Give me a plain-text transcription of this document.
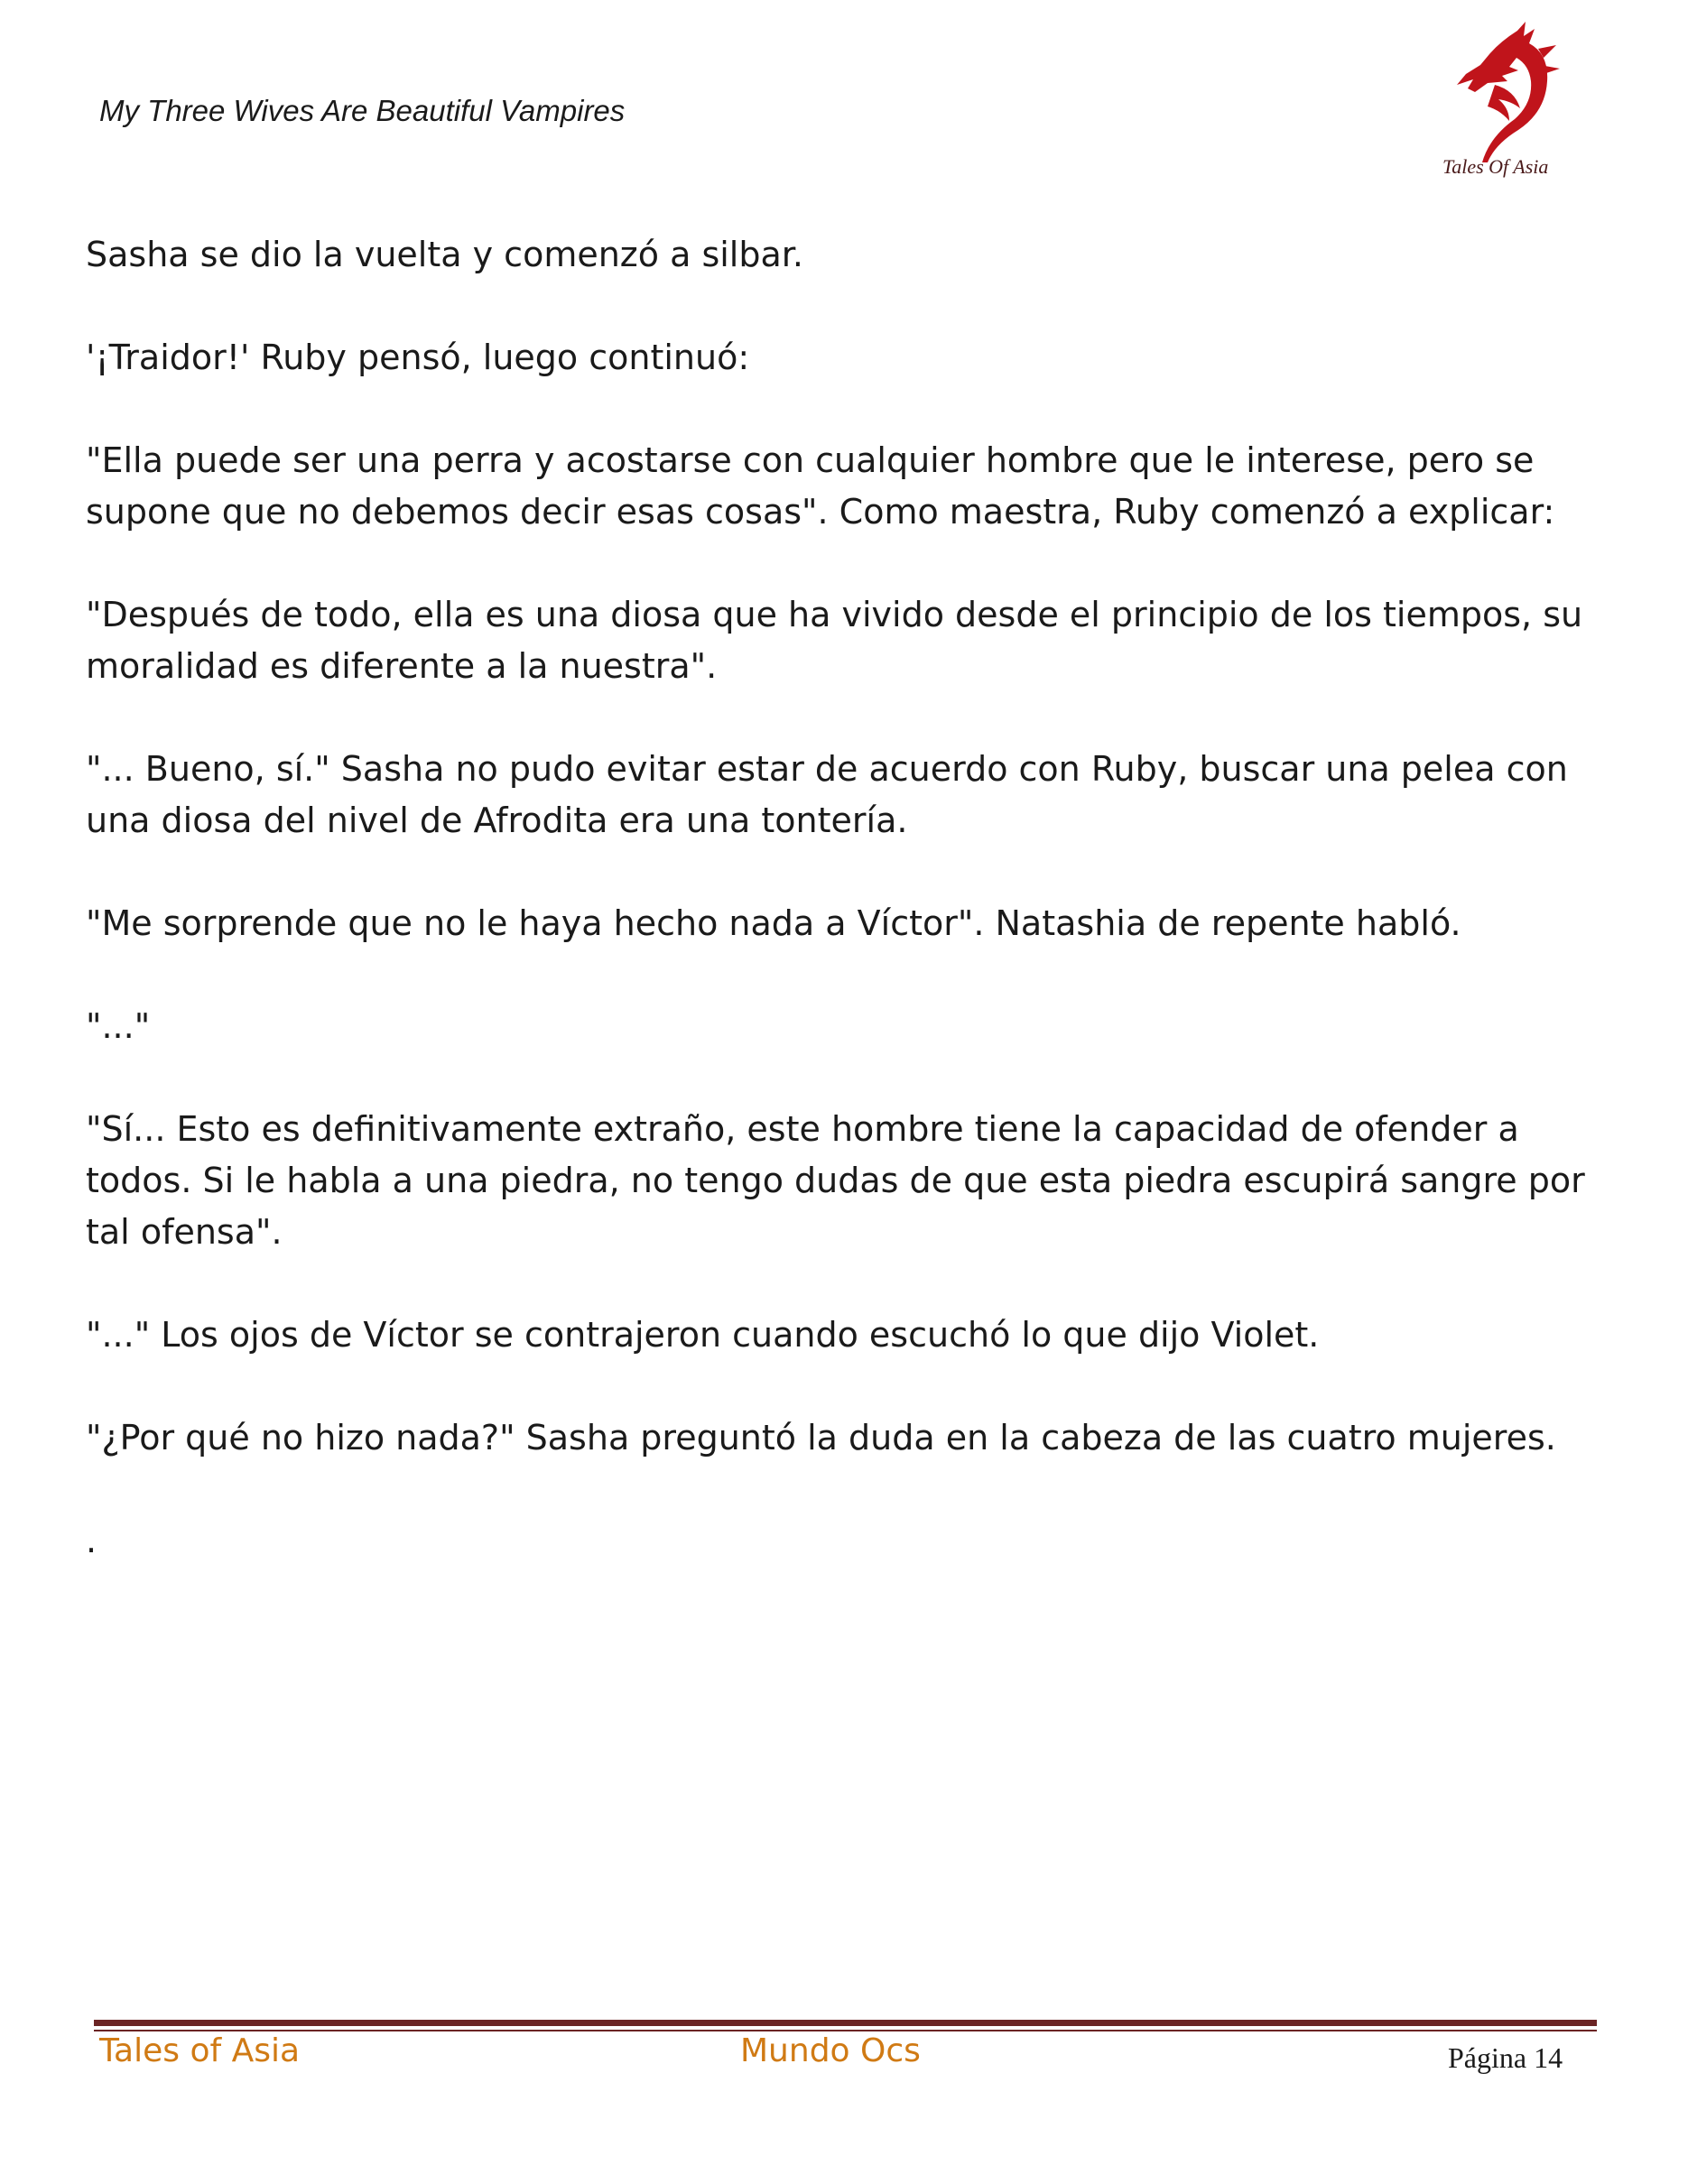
My Three Wives Are Beautiful Vampires
Tales Of Asia

Sasha se dio la vuelta y comenzó a silbar.

'¡Traidor!' Ruby pensó, luego continuó:

"Ella puede ser una perra y acostarse con cualquier hombre que le interese, pero se supone que no debemos decir esas cosas". Como maestra, Ruby comenzó a explicar:

"Después de todo, ella es una diosa que ha vivido desde el principio de los tiempos, su moralidad es diferente a la nuestra".

"... Bueno, sí." Sasha no pudo evitar estar de acuerdo con Ruby, buscar una pelea con una diosa del nivel de Afrodita era una tontería.

"Me sorprende que no le haya hecho nada a Víctor". Natashia de repente habló.

"..."

"Sí... Esto es definitivamente extraño, este hombre tiene la capacidad de ofender a todos. Si le habla a una piedra, no tengo dudas de que esta piedra escupirá sangre por tal ofensa".

"..." Los ojos de Víctor se contrajeron cuando escuchó lo que dijo Violet.

"¿Por qué no hizo nada?" Sasha preguntó la duda en la cabeza de las cuatro mujeres.

.

Tales of Asia	Mundo Ocs	Página 14
